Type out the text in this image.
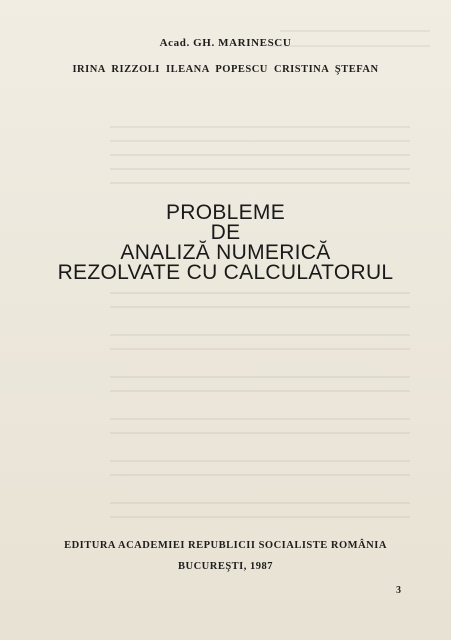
Acad. GH. MARINESCU
IRINA RIZZOLI ILEANA POPESCU CRISTINA ŞTEFAN
PROBLEME
DE
ANALIZĂ NUMERICĂ
REZOLVATE CU CALCULATORUL
EDITURA ACADEMIEI REPUBLICII SOCIALISTE ROMÂNIA
BUCUREŞTI, 1987
3
